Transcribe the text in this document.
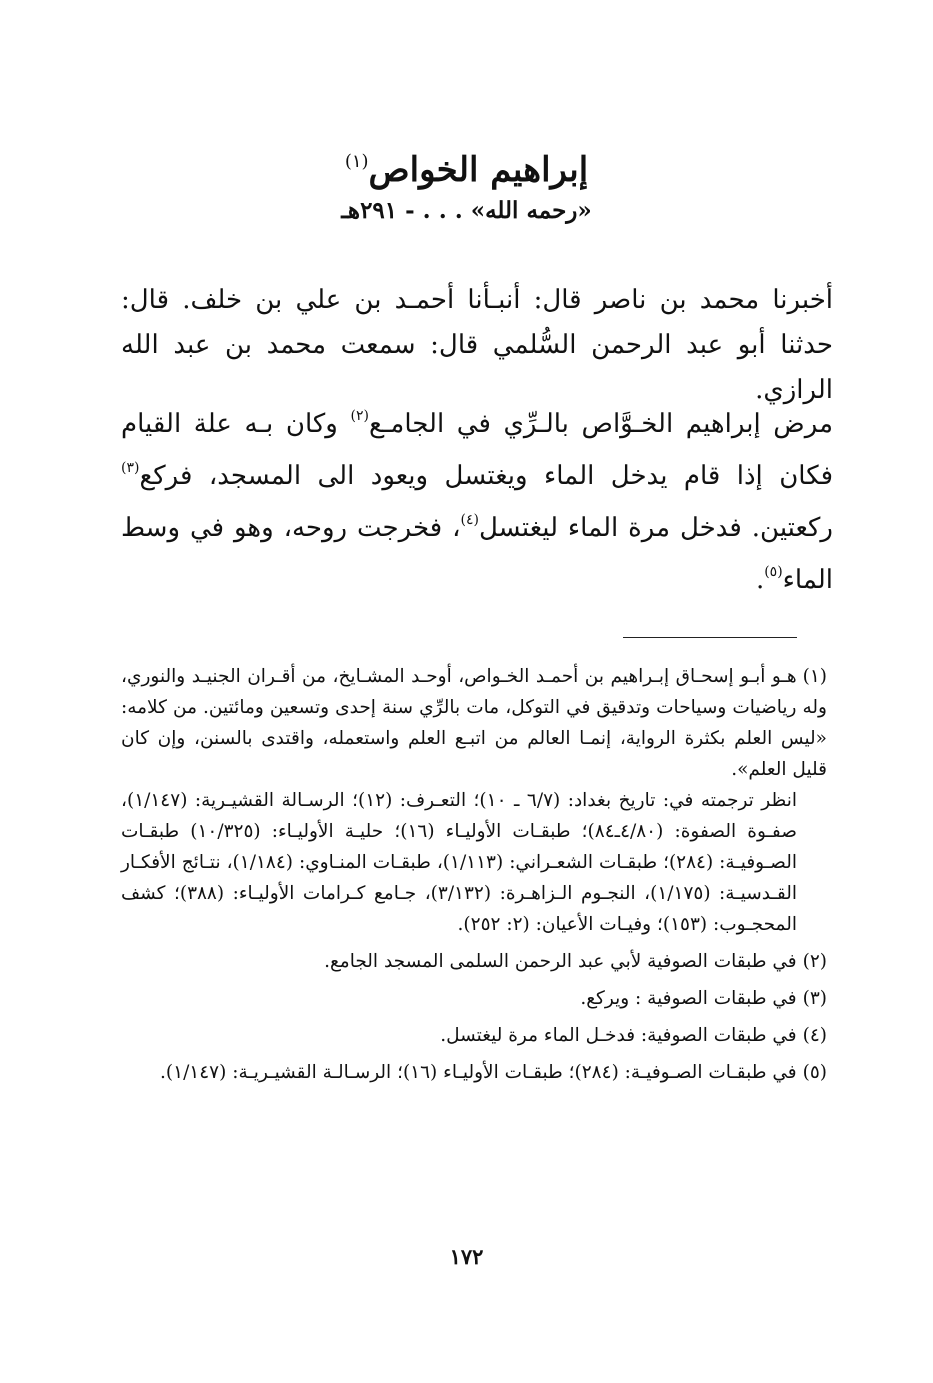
إبراهيم الخواص$^{(١)}$
«رحمه الله» . . . - ٢٩١هـ

أخبرنا محمد بن ناصر قال: أنبـأنا أحمـد بن علي بن خلف. قال: حدثنا أبو عبد الرحمن السُّلمي قال: سمعت محمد بن عبد الله الرازي.

مرض إبراهيم الخـوَّاص بالـرِّي في الجامـع$^{(٢)}$ وكان بـه علة القيام فكان إذا قام يدخل الماء ويغتسل ويعود الى المسجد، فركع$^{(٣)}$ ركعتين. فدخل مرة الماء ليغتسل$^{(٤)}$، فخرجت روحه، وهو في وسط الماء$^{(٥)}$.

(١)هـو أبـو إسحـاق إبـراهيم بن أحمـد الخـواص، أوحـد المشـايخ، من أقـران الجنيـد والنوري، وله رياضيات وسياحات وتدقيق في التوكل، مات بالرِّي سنة إحدى وتسعين ومائتين. من كلامه: «ليس العلم بكثرة الرواية، إنمـا العالم من اتبـع العلم واستعمله، واقتدى بالسنن، وإن كان قليل العلم».

انظر ترجمته في: تاريخ بغداد: (٦/٧ ـ ١٠)؛ التعـرف: (١٢)؛ الرسـالة القشيـرية: (١/١٤٧)، صفـوة الصفوة: (٤/٨٠ـ٨٤)؛ طبقـات الأوليـاء (١٦)؛ حليـة الأوليـاء: (١٠/٣٢٥) طبقـات الصـوفيـة: (٢٨٤)؛ طبقـات الشعـراني: (١/١١٣)، طبقـات المنـاوي: (١/١٨٤)، نتـائج الأفكـار القـدسيـة: (١/١٧٥)، النجـوم الـزاهـرة: (٣/١٣٢)، جـامع كـرامات الأوليـاء: (٣٨٨)؛ كشف المحجـوب: (١٥٣)؛ وفيـات الأعيان: (٢: ٢٥٢).

(٢)في طبقات الصوفية لأبي عبد الرحمن السلمى المسجد الجامع.

(٣)في طبقات الصوفية : ويركع.

(٤)في طبقات الصوفية: فدخـل الماء مرة ليغتسل.

(٥)في طبقـات الصـوفيـة: (٢٨٤)؛ طبقـات الأوليـاء (١٦)؛ الرسـالـة القشيـريـة: (١/١٤٧).

١٧٢
